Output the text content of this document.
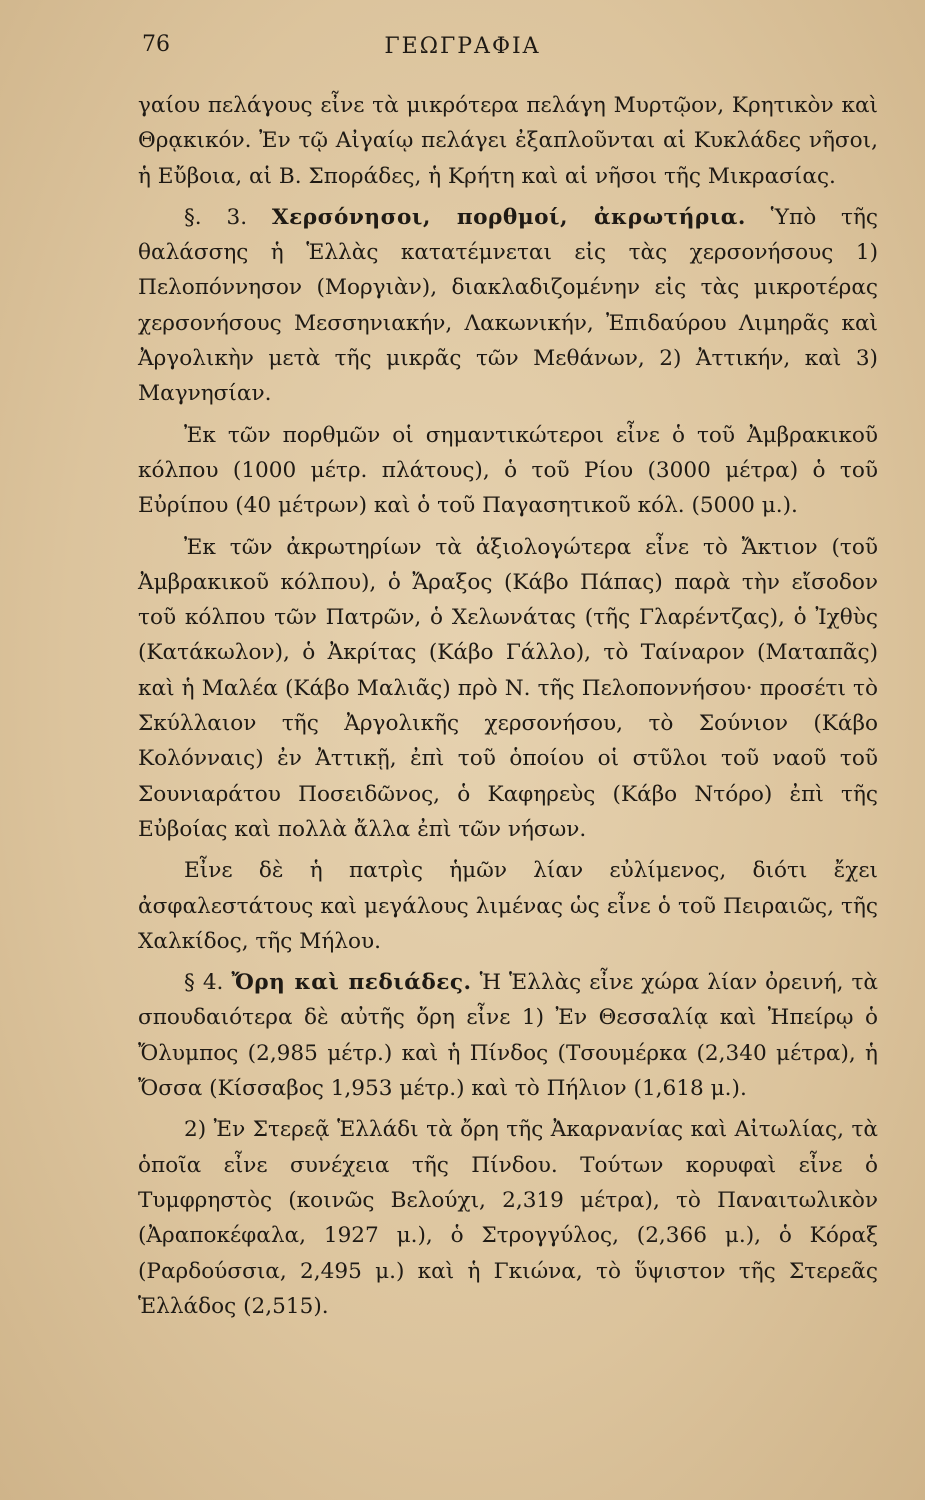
76	ΓΕΩΓΡΑΦΙΑ

γαίου πελάγους εἶνε τὰ μικρότερα πελάγη Μυρτῷον, Κρητικὸν καὶ Θρᾳκικόν. Ἐν τῷ Αἰγαίῳ πελάγει ἐξαπλοῦνται αἱ Κυκλάδες νῆσοι, ἡ Εὔβοια, αἱ Β. Σποράδες, ἡ Κρήτη καὶ αἱ νῆσοι τῆς Μικρασίας.

§. 3. Χερσόνησοι, πορθμοί, ἀκρωτήρια. Ὑπὸ τῆς θαλάσσης ἡ Ἑλλὰς κατατέμνεται εἰς τὰς χερσονήσους 1) Πελοπόννησον (Μοργιὰν), διακλαδιζομένην εἰς τὰς μικροτέρας χερσονήσους Μεσσηνιακήν, Λακωνικήν, Ἐπιδαύρου Λιμηρᾶς καὶ Ἀργολικὴν μετὰ τῆς μικρᾶς τῶν Μεθάνων, 2) Ἀττικήν, καὶ 3) Μαγνησίαν.

Ἐκ τῶν πορθμῶν οἱ σημαντικώτεροι εἶνε ὁ τοῦ Ἀμβρακικοῦ κόλπου (1000 μέτρ. πλάτους), ὁ τοῦ Ρίου (3000 μέτρα) ὁ τοῦ Εὐρίπου (40 μέτρων) καὶ ὁ τοῦ Παγασητικοῦ κόλ. (5000 μ.).

Ἐκ τῶν ἀκρωτηρίων τὰ ἀξιολογώτερα εἶνε τὸ Ἄκτιον (τοῦ Ἀμβρακικοῦ κόλπου), ὁ Ἄραξος (Κάβο Πάπας) παρὰ τὴν εἴσοδον τοῦ κόλπου τῶν Πατρῶν, ὁ Χελωνάτας (τῆς Γλαρέντζας), ὁ Ἰχθὺς (Κατάκωλον), ὁ Ἀκρίτας (Κάβο Γάλλο), τὸ Ταίναρον (Ματαπᾶς) καὶ ἡ Μαλέα (Κάβο Μαλιᾶς) πρὸ Ν. τῆς Πελοποννήσου· προσέτι τὸ Σκύλλαιον τῆς Ἀργολικῆς χερσονήσου, τὸ Σούνιον (Κάβο Κολόνναις) ἐν Ἀττικῇ, ἐπὶ τοῦ ὁποίου οἱ στῦλοι τοῦ ναοῦ τοῦ Σουνιαράτου Ποσειδῶνος, ὁ Καφηρεὺς (Κάβο Ντόρο) ἐπὶ τῆς Εὐβοίας καὶ πολλὰ ἄλλα ἐπὶ τῶν νήσων.

Εἶνε δὲ ἡ πατρὶς ἡμῶν λίαν εὐλίμενος, διότι ἔχει ἀσφαλεστάτους καὶ μεγάλους λιμένας ὡς εἶνε ὁ τοῦ Πειραιῶς, τῆς Χαλκίδος, τῆς Μήλου.

§ 4. Ὄρη καὶ πεδιάδες. Ἡ Ἑλλὰς εἶνε χώρα λίαν ὀρεινή, τὰ σπουδαιότερα δὲ αὐτῆς ὄρη εἶνε 1) Ἐν Θεσσαλίᾳ καὶ Ἠπείρῳ ὁ Ὄλυμπος (2,985 μέτρ.) καὶ ἡ Πίνδος (Τσουμέρκα (2,340 μέτρα), ἡ Ὄσσα (Κίσσαβος 1,953 μέτρ.) καὶ τὸ Πήλιον (1,618 μ.).

2) Ἐν Στερεᾷ Ἑλλάδι τὰ ὄρη τῆς Ἀκαρνανίας καὶ Αἰτωλίας, τὰ ὁποῖα εἶνε συνέχεια τῆς Πίνδου. Τούτων κορυφαὶ εἶνε ὁ Τυμφρηστὸς (κοινῶς Βελούχι, 2,319 μέτρα), τὸ Παναιτωλικὸν (Ἀραποκέφαλα, 1927 μ.), ὁ Στρογγύλος, (2,366 μ.), ὁ Κόραξ (Ραρδούσσια, 2,495 μ.) καὶ ἡ Γκιώνα, τὸ ὕψιστον τῆς Στερεᾶς Ἑλλάδος (2,515).
